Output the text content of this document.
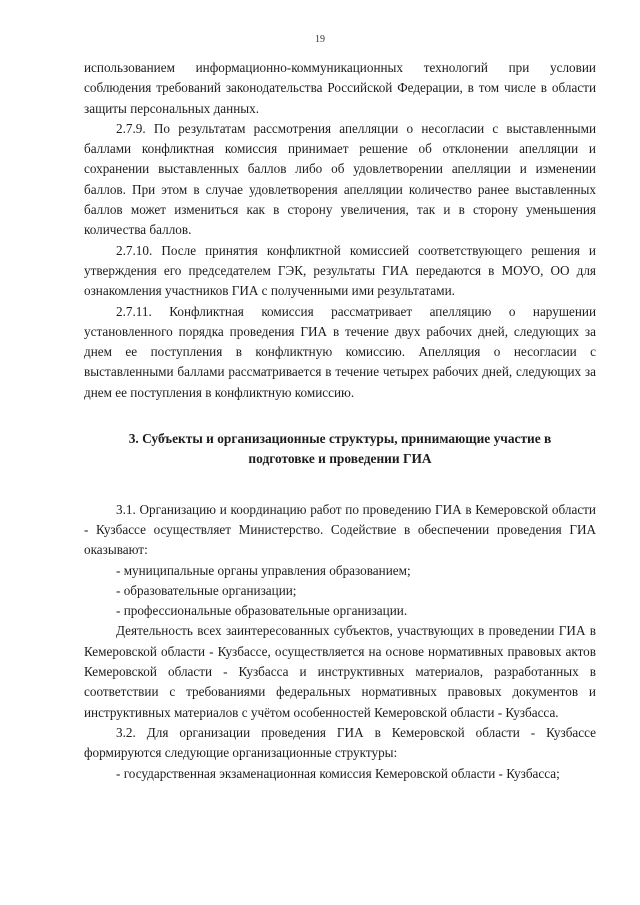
19

использованием информационно-коммуникационных технологий при условии соблюдения требований законодательства Российской Федерации, в том числе в области защиты персональных данных.

2.7.9. По результатам рассмотрения апелляции о несогласии с выставленными баллами конфликтная комиссия принимает решение об отклонении апелляции и сохранении выставленных баллов либо об удовлетворении апелляции и изменении баллов. При этом в случае удовлетворения апелляции количество ранее выставленных баллов может измениться как в сторону увеличения, так и в сторону уменьшения количества баллов.

2.7.10. После принятия конфликтной комиссией соответствующего решения и утверждения его председателем ГЭК, результаты ГИА передаются в МОУО, ОО для ознакомления участников ГИА с полученными ими результатами.

2.7.11. Конфликтная комиссия рассматривает апелляцию о нарушении установленного порядка проведения ГИА в течение двух рабочих дней, следующих за днем ее поступления в конфликтную комиссию. Апелляция о несогласии с выставленными баллами рассматривается в течение четырех рабочих дней, следующих за днем ее поступления в конфликтную комиссию.

3. Субъекты и организационные структуры, принимающие участие в подготовке и проведении ГИА

3.1. Организацию и координацию работ по проведению ГИА в Кемеровской области - Кузбассе осуществляет Министерство. Содействие в обеспечении проведения ГИА оказывают:

- муниципальные органы управления образованием;

- образовательные организации;

- профессиональные образовательные организации.

Деятельность всех заинтересованных субъектов, участвующих в проведении ГИА в Кемеровской области - Кузбассе, осуществляется на основе нормативных правовых актов Кемеровской области - Кузбасса и инструктивных материалов, разработанных в соответствии с требованиями федеральных нормативных правовых документов и инструктивных материалов с учётом особенностей Кемеровской области - Кузбасса.

3.2. Для организации проведения ГИА в Кемеровской области - Кузбассе формируются следующие организационные структуры:

- государственная экзаменационная комиссия Кемеровской области - Кузбасса;
